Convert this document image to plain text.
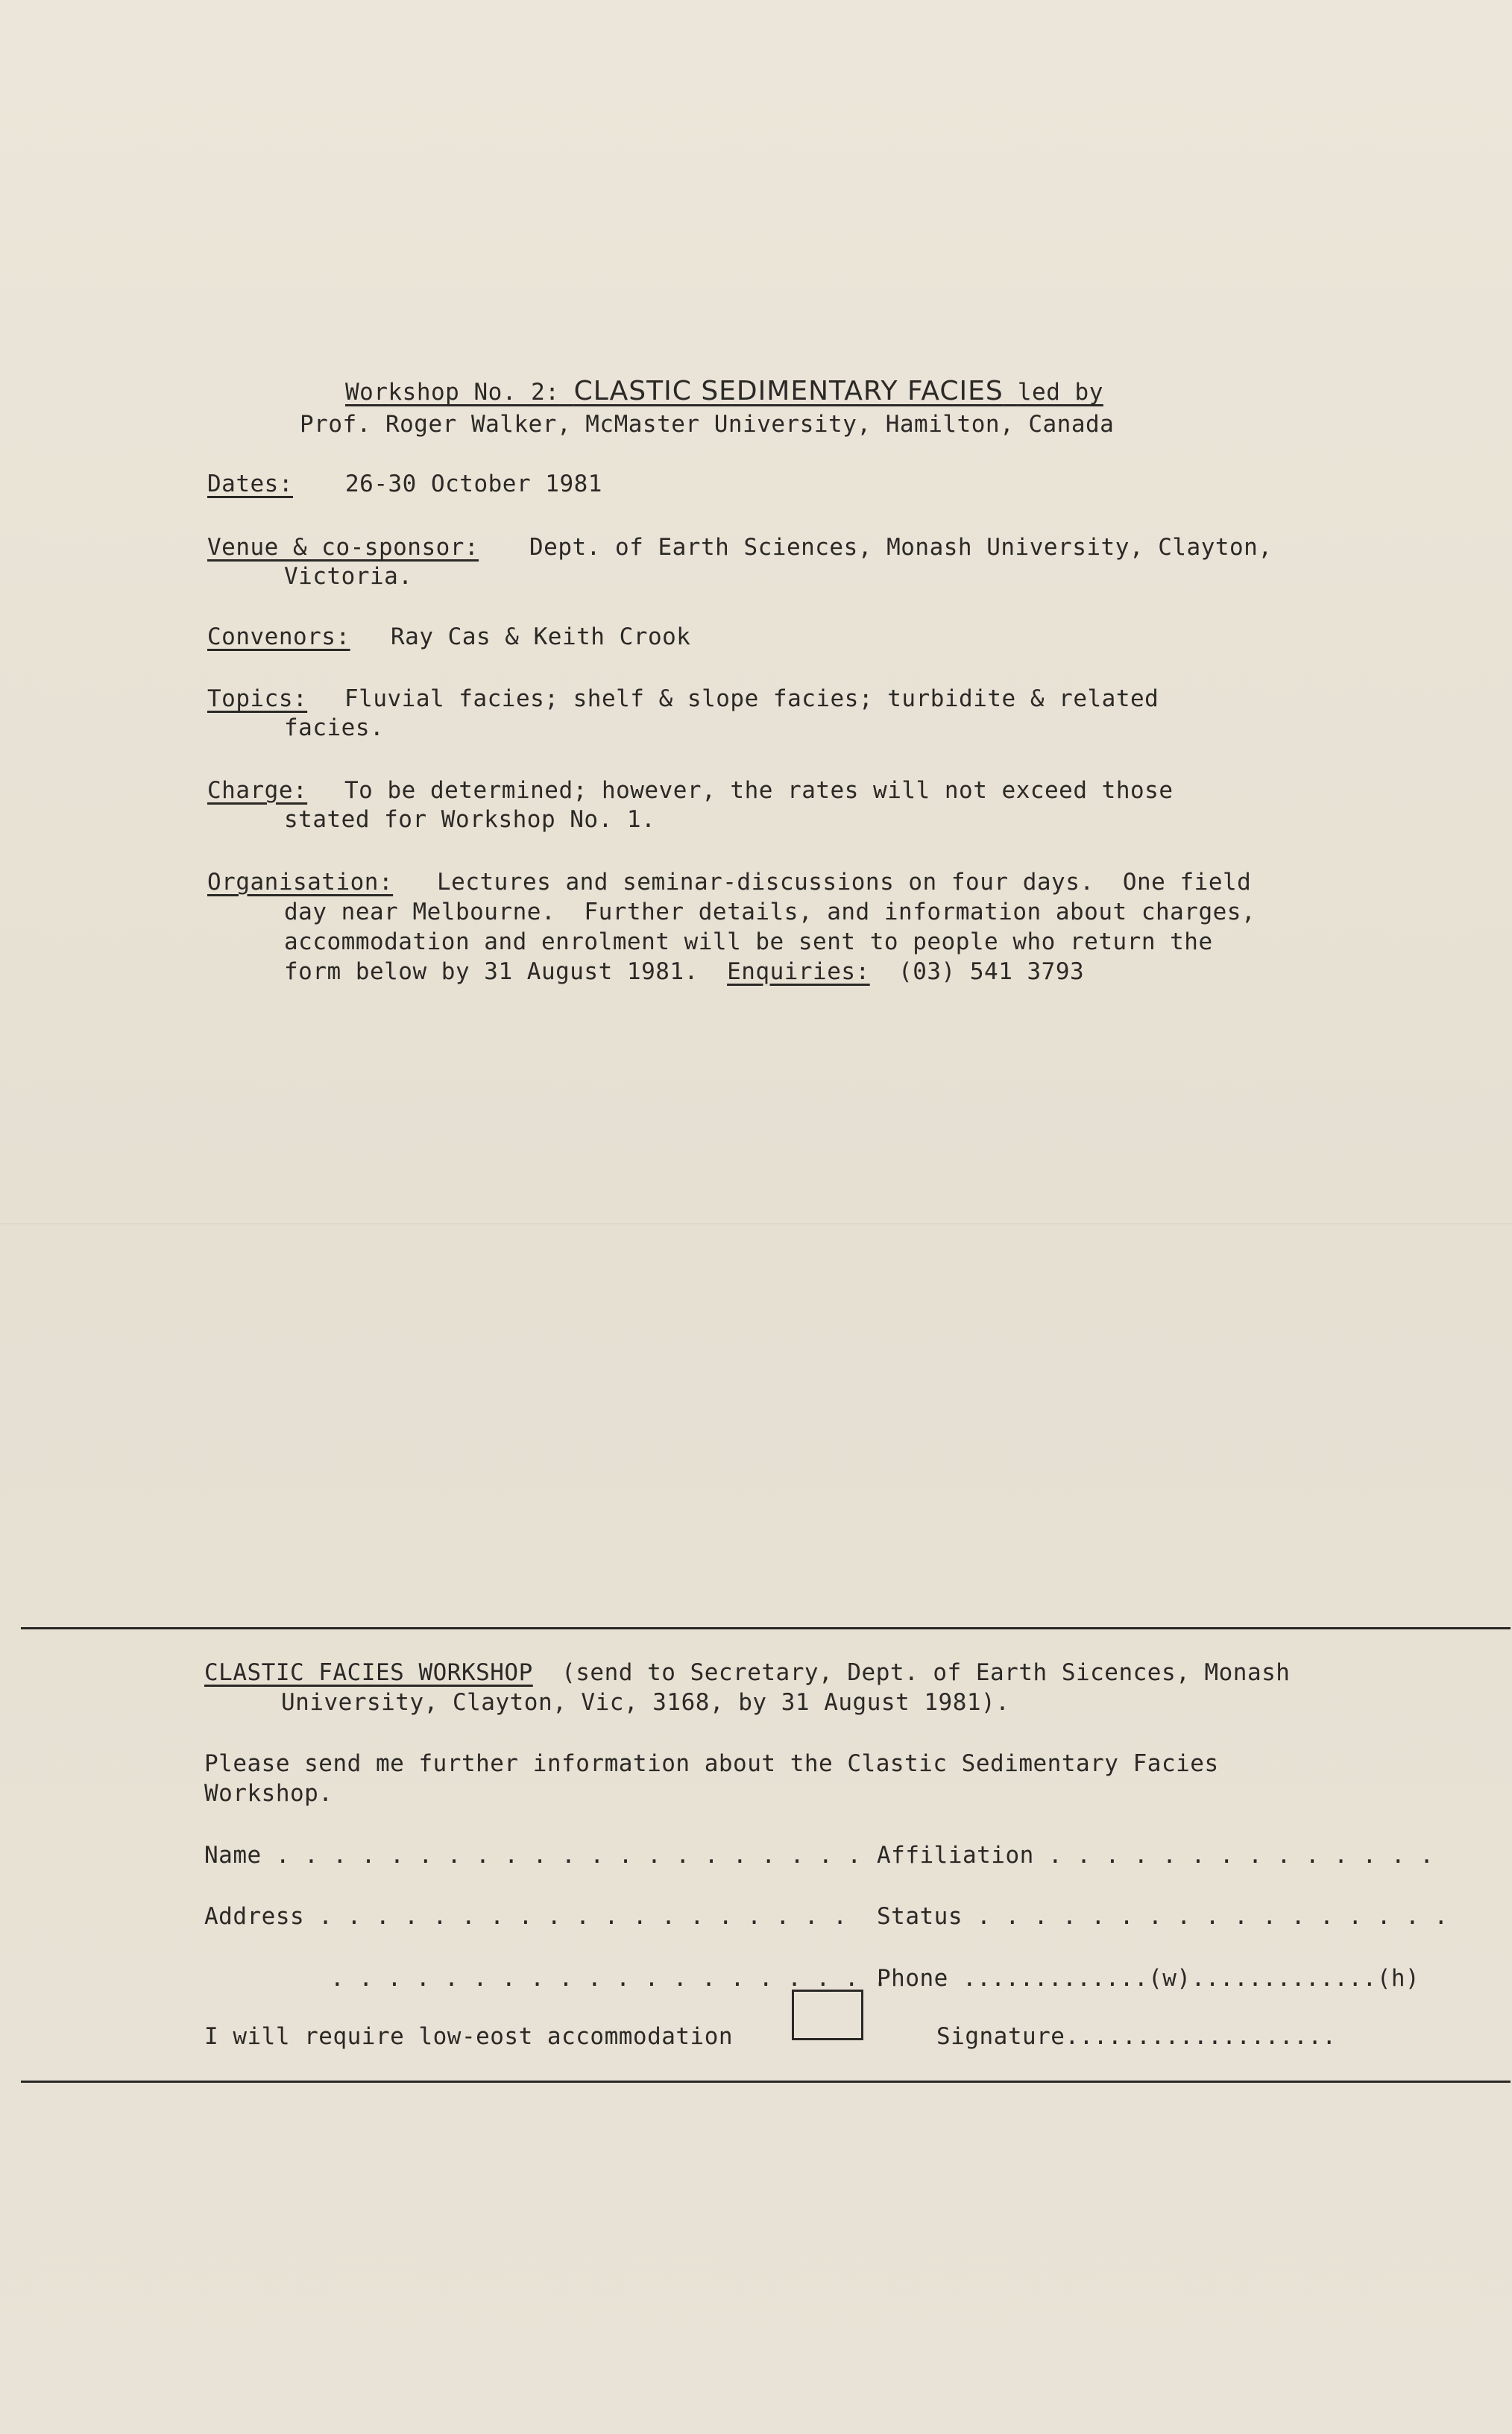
Workshop No. 2: CLASTIC SEDIMENTARY FACIES led by
Prof. Roger Walker, McMaster University, Hamilton, Canada
Dates: 26-30 October 1981
Venue & co-sponsor: Dept. of Earth Sciences, Monash University, Clayton,
Victoria.
Convenors: Ray Cas & Keith Crook
Topics: Fluvial facies; shelf & slope facies; turbidite & related
facies.
Charge: To be determined; however, the rates will not exceed those
stated for Workshop No. 1.
Organisation: Lectures and seminar-discussions on four days.  One field
day near Melbourne.  Further details, and information about charges,
accommodation and enrolment will be sent to people who return the
form below by 31 August 1981. Enquiries: (03) 541 3793
CLASTIC FACIES WORKSHOP (send to Secretary, Dept. of Earth Sicences, Monash
University, Clayton, Vic, 3168, by 31 August 1981).
Please send me further information about the Clastic Sedimentary Facies
Workshop.
Name . . . . . . . . . . . . . . . . . . . . . Affiliation . . . . . . . . . . . . . .
Address . . . . . . . . . . . . . . . . . . . Status . . . . . . . . . . . . . . . . .
. . . . . . . . . . . . . . . . . . . .
Phone .............(w).............(h)
I will require low-eost accommodation	Signature...................
